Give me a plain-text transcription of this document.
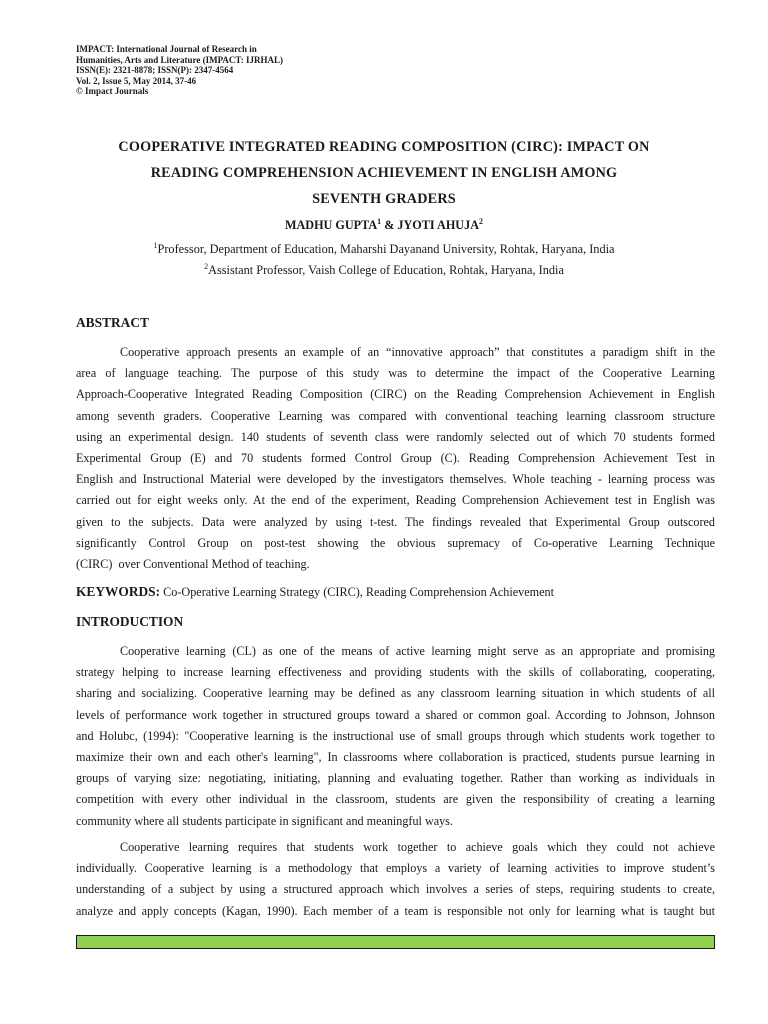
IMPACT: International Journal of Research in
Humanities, Arts and Literature (IMPACT: IJRHAL)
ISSN(E): 2321-8878; ISSN(P): 2347-4564
Vol. 2, Issue 5, May 2014, 37-46
© Impact Journals
COOPERATIVE INTEGRATED READING COMPOSITION (CIRC): IMPACT ON
READING COMPREHENSION ACHIEVEMENT IN ENGLISH AMONG
SEVENTH GRADERS
MADHU GUPTA$^1$ & JYOTI AHUJA$^2$
$^1$Professor, Department of Education, Maharshi Dayanand University, Rohtak, Haryana, India
$^2$Assistant Professor, Vaish College of Education, Rohtak, Haryana, India
ABSTRACT
Cooperative approach presents an example of an “innovative approach” that constitutes a paradigm shift in the
area of language teaching. The purpose of this study was to determine the impact of the Cooperative Learning
Approach-Cooperative Integrated Reading Composition (CIRC) on the Reading Comprehension Achievement in English
among seventh graders. Cooperative Learning was compared with conventional teaching learning classroom structure
using an experimental design. 140 students of seventh class were randomly selected out of which 70 students formed
Experimental Group (E) and 70 students formed Control Group (C). Reading Comprehension Achievement Test in
English and Instructional Material were developed by the investigators themselves. Whole teaching - learning process was
carried out for eight weeks only. At the end of the experiment, Reading Comprehension Achievement test in English was
given to the subjects. Data were analyzed by using t-test. The findings revealed that Experimental Group outscored
significantly Control Group on post-test showing the obvious supremacy of Co-operative Learning Technique
(CIRC)  over Conventional Method of teaching.
KEYWORDS: Co-Operative Learning Strategy (CIRC), Reading Comprehension Achievement
INTRODUCTION
Cooperative learning (CL) as one of the means of active learning might serve as an appropriate and promising
strategy helping to increase learning effectiveness and providing students with the skills of collaborating, cooperating,
sharing and socializing. Cooperative learning may be defined as any classroom learning situation in which students of all
levels of performance work together in structured groups toward a shared or common goal. According to Johnson, Johnson
and Holubc, (1994): "Cooperative learning is the instructional use of small groups through which students work together to
maximize their own and each other's learning", In classrooms where collaboration is practiced, students pursue learning in
groups of varying size: negotiating, initiating, planning and evaluating together. Rather than working as individuals in
competition with every other individual in the classroom, students are given the responsibility of creating a learning
community where all students participate in significant and meaningful ways.
Cooperative learning requires that students work together to achieve goals which they could not achieve
individually. Cooperative learning is a methodology that employs a variety of learning activities to improve student’s
understanding of a subject by using a structured approach which involves a series of steps, requiring students to create,
analyze and apply concepts (Kagan, 1990). Each member of a team is responsible not only for learning what is taught but
